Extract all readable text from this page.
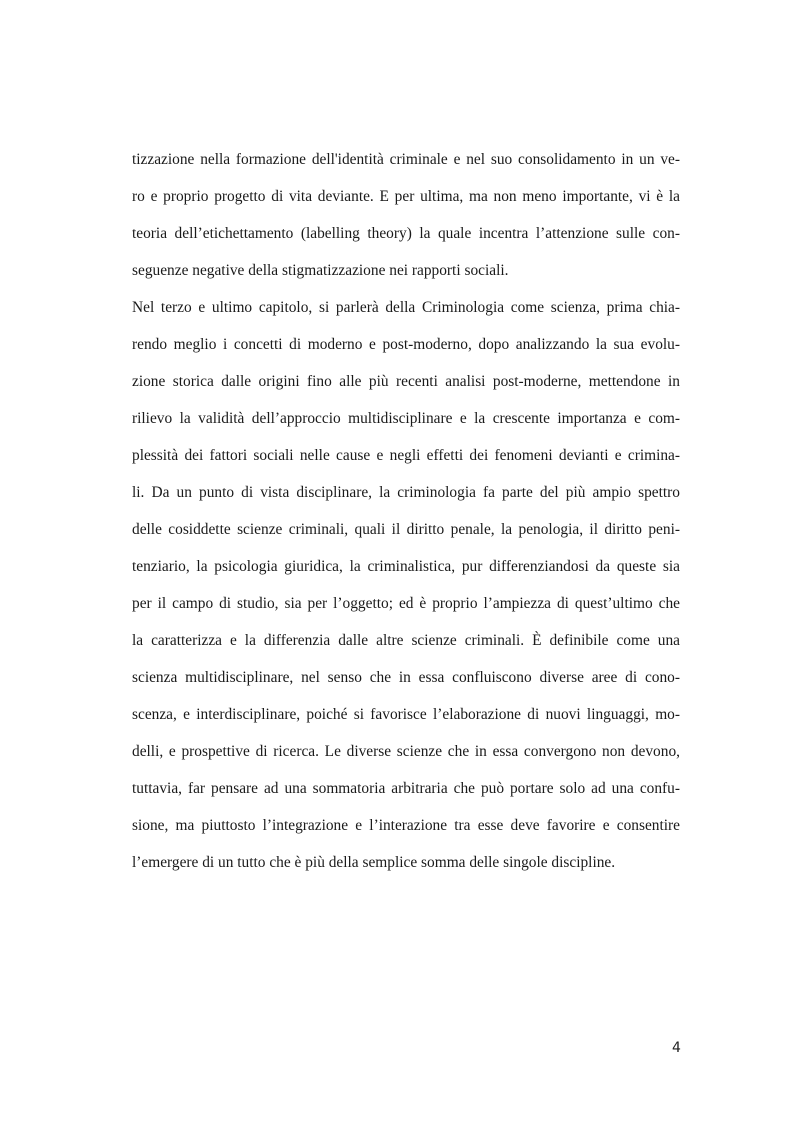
tizzazione nella formazione dell'identità criminale e nel suo consolidamento in un ve-
ro e proprio progetto di vita deviante. E per ultima, ma non meno importante, vi è la
teoria dell’etichettamento (labelling theory) la quale incentra l’attenzione sulle con-
seguenze negative della stigmatizzazione nei rapporti sociali.
Nel terzo e ultimo capitolo, si parlerà della Criminologia come scienza, prima chia-
rendo meglio i concetti di moderno e post-moderno, dopo analizzando la sua evolu-
zione storica dalle origini fino alle più recenti analisi post-moderne, mettendone in
rilievo la validità dell’approccio multidisciplinare e la crescente importanza e com-
plessità dei fattori sociali nelle cause e negli effetti dei fenomeni devianti e crimina-
li. Da un punto di vista disciplinare, la criminologia fa parte del più ampio spettro
delle cosiddette scienze criminali, quali il diritto penale, la penologia, il diritto peni-
tenziario, la psicologia giuridica, la criminalistica, pur differenziandosi da queste sia
per il campo di studio, sia per l’oggetto; ed è proprio l’ampiezza di quest’ultimo che
la caratterizza e la differenzia dalle altre scienze criminali. È definibile come una
scienza multidisciplinare, nel senso che in essa confluiscono diverse aree di cono-
scenza, e interdisciplinare, poiché si favorisce l’elaborazione di nuovi linguaggi, mo-
delli, e prospettive di ricerca. Le diverse scienze che in essa convergono non devono,
tuttavia, far pensare ad una sommatoria arbitraria che può portare solo ad una confu-
sione, ma piuttosto l’integrazione e l’interazione tra esse deve favorire e consentire
l’emergere di un tutto che è più della semplice somma delle singole discipline.
4
